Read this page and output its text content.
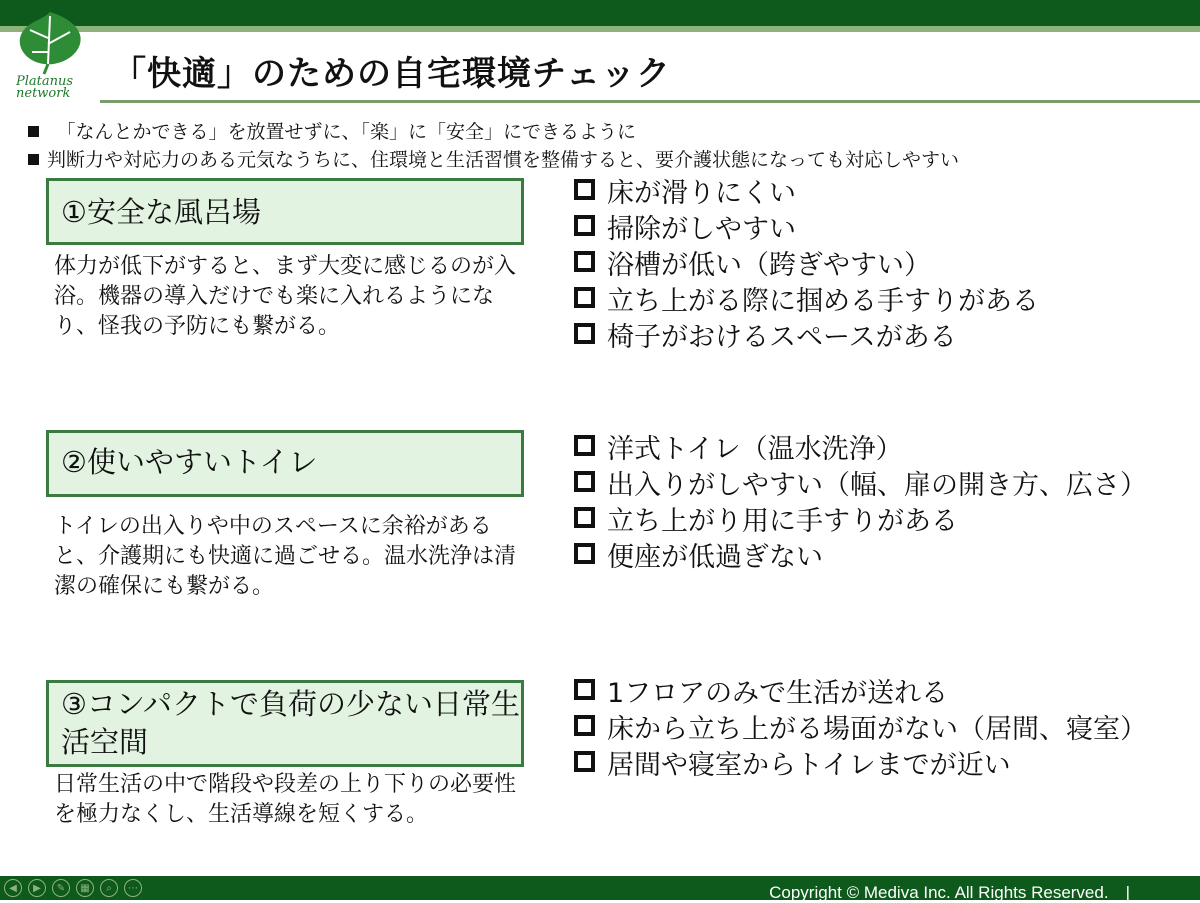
Platanus
network 「快適」のための自宅環境チェック
　「なんとかできる」を放置せずに、「楽」に「安全」にできるように
判断力や対応力のある元気なうちに、住環境と生活習慣を整備すると、要介護状態になっても対応しやすい
①安全な風呂場
体力が低下がすると、まず大変に感じるのが入浴。機器の導入だけでも楽に入れるようになり、怪我の予防にも繋がる。
床が滑りにくい
掃除がしやすい
浴槽が低い（跨ぎやすい）
立ち上がる際に掴める手すりがある
椅子がおけるスペースがある
②使いやすいトイレ
トイレの出入りや中のスペースに余裕があると、介護期にも快適に過ごせる。温水洗浄は清潔の確保にも繋がる。
洋式トイレ（温水洗浄）
出入りがしやすい（幅、扉の開き方、広さ）
立ち上がり用に手すりがある
便座が低過ぎない
③コンパクトで負荷の少ない日常生活空間
日常生活の中で階段や段差の上り下りの必要性を極力なくし、生活導線を短くする。
1フロアのみで生活が送れる
床から立ち上がる場面がない（居間、寝室）
居間や寝室からトイレまでが近い
◀	▶	✎	▦	⌕	⋯	Copyright © Mediva Inc. All Rights Reserved.　|
